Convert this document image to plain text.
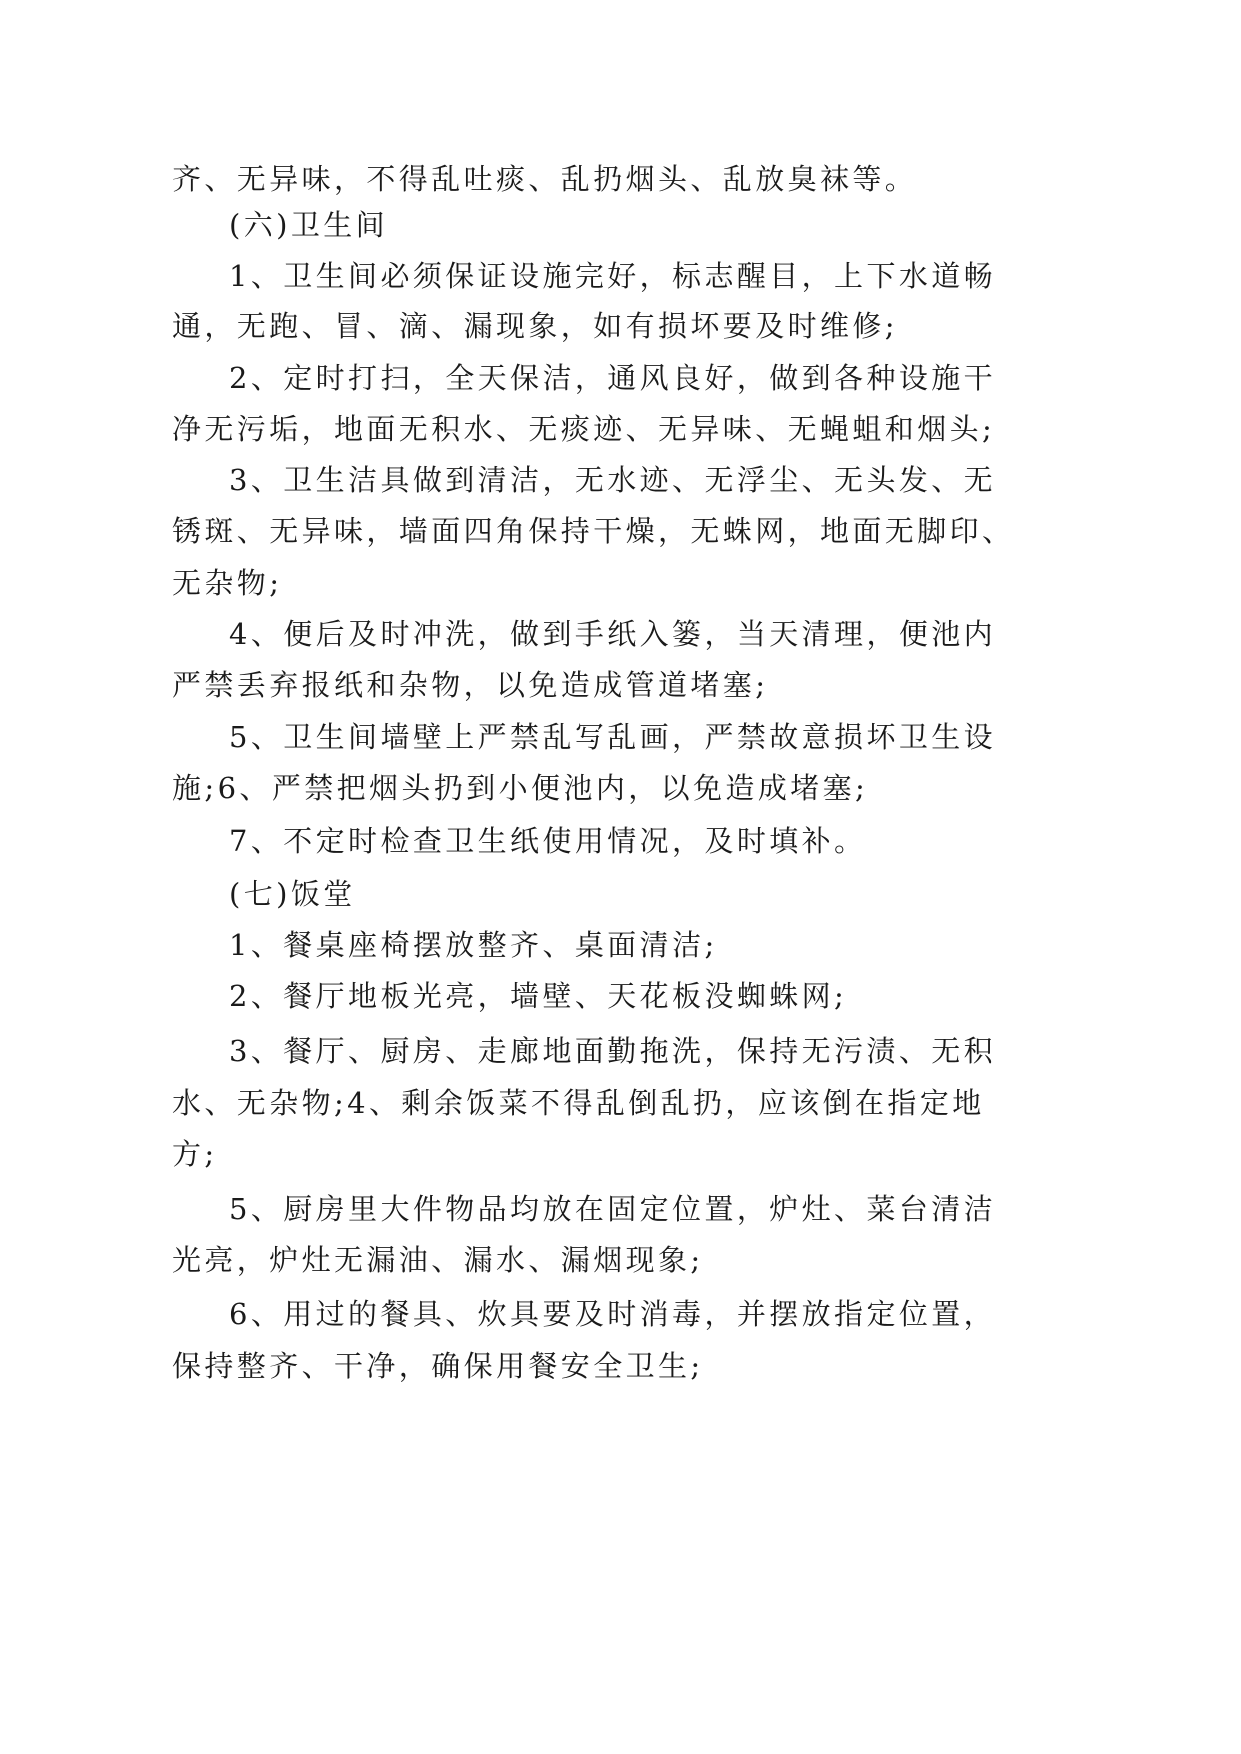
齐、无异味，不得乱吐痰、乱扔烟头、乱放臭袜等。

(六)卫生间

1、卫生间必须保证设施完好，标志醒目，上下水道畅

通，无跑、冒、滴、漏现象，如有损坏要及时维修;

2、定时打扫，全天保洁，通风良好，做到各种设施干

净无污垢，地面无积水、无痰迹、无异味、无蝇蛆和烟头;

3、卫生洁具做到清洁，无水迹、无浮尘、无头发、无

锈斑、无异味，墙面四角保持干燥，无蛛网，地面无脚印、

无杂物;

4、便后及时冲洗，做到手纸入篓，当天清理，便池内

严禁丢弃报纸和杂物，以免造成管道堵塞;

5、卫生间墙壁上严禁乱写乱画，严禁故意损坏卫生设

施;6、严禁把烟头扔到小便池内，以免造成堵塞;

7、不定时检查卫生纸使用情况，及时填补。

(七)饭堂

1、餐桌座椅摆放整齐、桌面清洁;

2、餐厅地板光亮，墙壁、天花板没蜘蛛网;

3、餐厅、厨房、走廊地面勤拖洗，保持无污渍、无积

水、无杂物;4、剩余饭菜不得乱倒乱扔，应该倒在指定地

方;

5、厨房里大件物品均放在固定位置，炉灶、菜台清洁

光亮，炉灶无漏油、漏水、漏烟现象;

6、用过的餐具、炊具要及时消毒，并摆放指定位置，

保持整齐、干净，确保用餐安全卫生;
